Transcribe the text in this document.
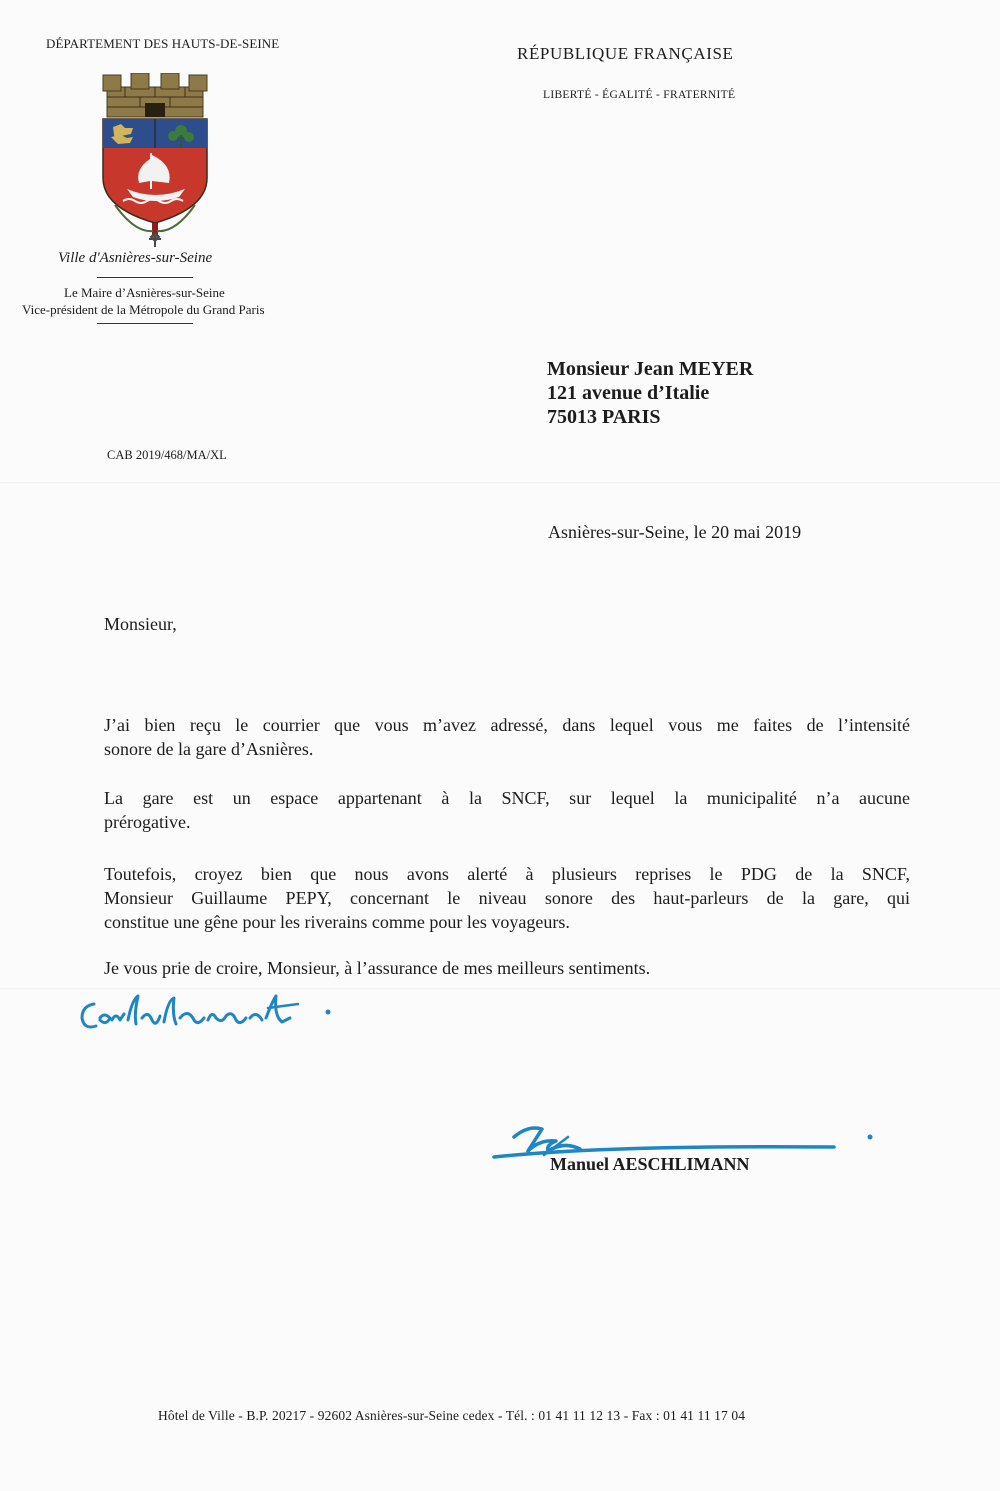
DÉPARTEMENT DES HAUTS-DE-SEINE
RÉPUBLIQUE FRANÇAISE
LIBERTÉ - ÉGALITÉ - FRATERNITÉ
Ville d'Asnières-sur-Seine
Le Maire d’Asnières-sur-Seine
Vice-président de la Métropole du Grand Paris
Monsieur Jean MEYER
121 avenue d’Italie
75013 PARIS
CAB 2019/468/MA/XL
Asnières-sur-Seine, le 20 mai 2019
Monsieur,
J’ai bien reçu le courrier que vous m’avez adressé, dans lequel vous me faites de l’intensité
sonore de la gare d’Asnières.
La gare est un espace appartenant à la SNCF, sur lequel la municipalité n’a aucune
prérogative.
Toutefois, croyez bien que nous avons alerté à plusieurs reprises le PDG de la SNCF,
Monsieur Guillaume PEPY, concernant le niveau sonore des haut-parleurs de la gare, qui
constitue une gêne pour les riverains comme pour les voyageurs.
Je vous prie de croire, Monsieur, à l’assurance de mes meilleurs sentiments.
Manuel AESCHLIMANN
Hôtel de Ville - B.P. 20217 - 92602 Asnières-sur-Seine cedex - Tél. : 01 41 11 12 13 - Fax : 01 41 11 17 04
